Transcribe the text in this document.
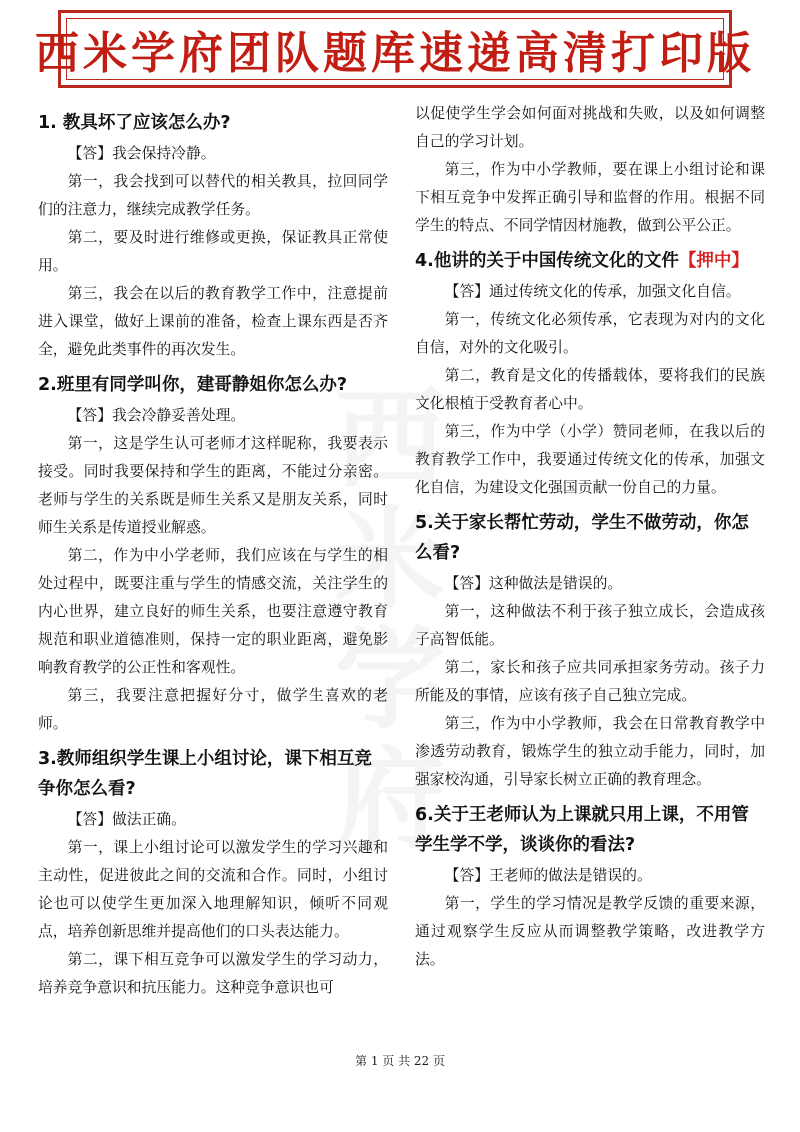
西米学府团队题库速递高清打印版
1. 教具坏了应该怎么办?

【答】我会保持冷静。

第一，我会找到可以替代的相关教具，拉回同学们的注意力，继续完成教学任务。

第二，要及时进行维修或更换，保证教具正常使用。

第三，我会在以后的教育教学工作中，注意提前进入课堂，做好上课前的准备，检查上课东西是否齐全，避免此类事件的再次发生。

2.班里有同学叫你，建哥静姐你怎么办?

【答】我会冷静妥善处理。

第一，这是学生认可老师才这样昵称，我要表示接受。同时我要保持和学生的距离，不能过分亲密。老师与学生的关系既是师生关系又是朋友关系，同时师生关系是传道授业解惑。

第二，作为中小学老师，我们应该在与学生的相处过程中，既要注重与学生的情感交流，关注学生的内心世界，建立良好的师生关系，也要注意遵守教育规范和职业道德准则，保持一定的职业距离，避免影响教育教学的公正性和客观性。

第三，我要注意把握好分寸，做学生喜欢的老师。

3.教师组织学生课上小组讨论，课下相互竞争你怎么看?

【答】做法正确。

第一，课上小组讨论可以激发学生的学习兴趣和主动性，促进彼此之间的交流和合作。同时，小组讨论也可以使学生更加深入地理解知识，倾听不同观点，培养创新思维并提高他们的口头表达能力。

第二，课下相互竞争可以激发学生的学习动力，培养竞争意识和抗压能力。这种竞争意识也可

以促使学生学会如何面对挑战和失败，以及如何调整自己的学习计划。

第三，作为中小学教师，要在课上小组讨论和课下相互竞争中发挥正确引导和监督的作用。根据不同学生的特点、不同学情因材施教，做到公平公正。

4.他讲的关于中国传统文化的文件【押中】

【答】通过传统文化的传承，加强文化自信。

第一，传统文化必须传承，它表现为对内的文化自信，对外的文化吸引。

第二，教育是文化的传播载体，要将我们的民族文化根植于受教育者心中。

第三，作为中学（小学）赞同老师，在我以后的教育教学工作中，我要通过传统文化的传承，加强文化自信，为建设文化强国贡献一份自己的力量。

5.关于家长帮忙劳动，学生不做劳动，你怎么看?

【答】这种做法是错误的。

第一，这种做法不利于孩子独立成长，会造成孩子高智低能。

第二，家长和孩子应共同承担家务劳动。孩子力所能及的事情，应该有孩子自己独立完成。

第三，作为中小学教师，我会在日常教育教学中渗透劳动教育，锻炼学生的独立动手能力，同时，加强家校沟通，引导家长树立正确的教育理念。

6.关于王老师认为上课就只用上课，不用管学生学不学，谈谈你的看法?

【答】王老师的做法是错误的。

第一，学生的学习情况是教学反馈的重要来源，通过观察学生反应从而调整教学策略，改进教学方法。

第 1 页 共 22 页
